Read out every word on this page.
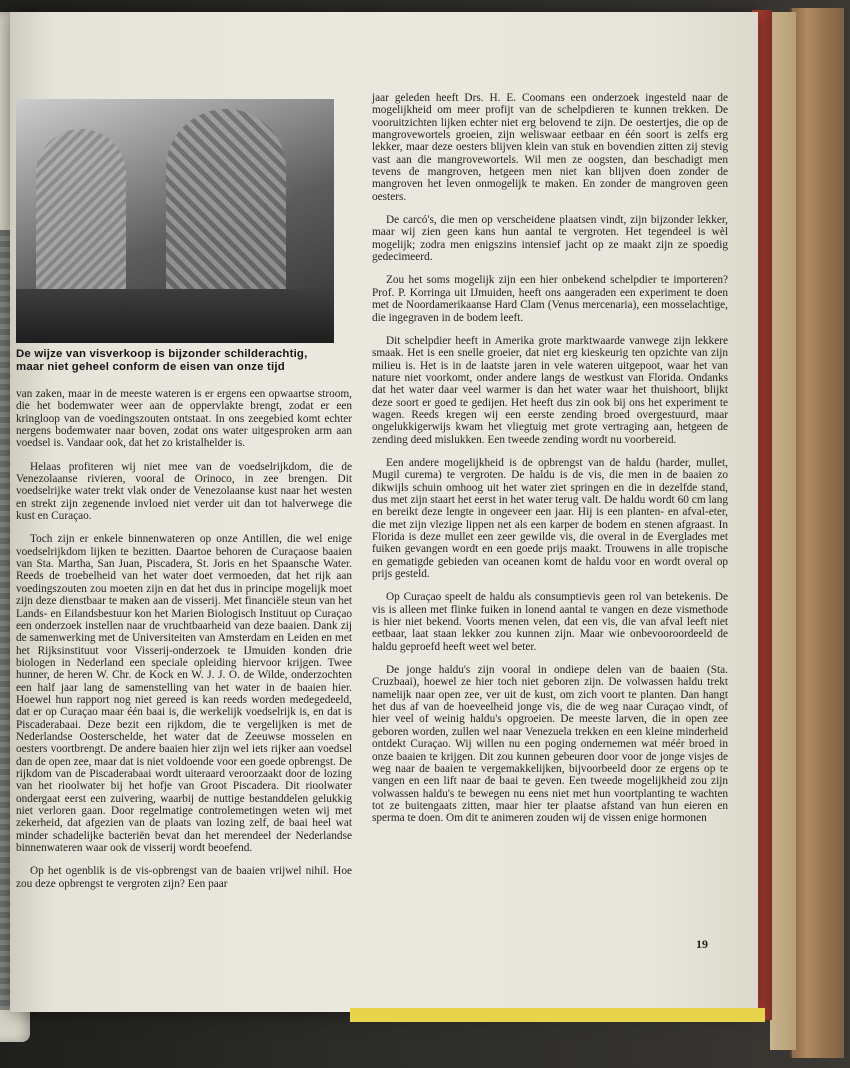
De wijze van visverkoop is bijzonder schilderachtig, maar niet geheel conform de eisen van onze tijd

van zaken, maar in de meeste wateren is er ergens een opwaartse stroom, die het bodemwater weer aan de oppervlakte brengt, zodat er een kringloop van de voedingszouten ontstaat. In ons zeegebied komt echter nergens bodemwater naar boven, zodat ons water uitgesproken arm aan voedsel is. Vandaar ook, dat het zo kristalhelder is.

Helaas profiteren wij niet mee van de voedselrijkdom, die de Venezolaanse rivieren, vooral de Orinoco, in zee brengen. Dit voedselrijke water trekt vlak onder de Venezolaanse kust naar het westen en strekt zijn zegenende invloed niet verder uit dan tot halverwege die kust en Curaçao.

Toch zijn er enkele binnenwateren op onze Antillen, die wel enige voedselrijkdom lijken te bezitten. Daartoe behoren de Curaçaose baaien van Sta. Martha, San Juan, Piscadera, St. Joris en het Spaansche Water. Reeds de troebelheid van het water doet vermoeden, dat het rijk aan voedingszouten zou moeten zijn en dat het dus in principe mogelijk moet zijn deze dienstbaar te maken aan de visserij. Met financiële steun van het Lands- en Eilandsbestuur kon het Marien Biologisch Instituut op Curaçao een onderzoek instellen naar de vruchtbaarheid van deze baaien. Dank zij de samenwerking met de Universiteiten van Amsterdam en Leiden en met het Rijksinstituut voor Visserij-onderzoek te IJmuiden konden drie biologen in Nederland een speciale opleiding hiervoor krijgen. Twee hunner, de heren W. Chr. de Kock en W. J. J. O. de Wilde, onderzochten een half jaar lang de samenstelling van het water in de baaien hier. Hoewel hun rapport nog niet gereed is kan reeds worden medegedeeld, dat er op Curaçao maar één baai is, die werkelijk voedselrijk is, en dat is Piscaderabaai. Deze bezit een rijkdom, die te vergelijken is met de Nederlandse Oosterschelde, het water dat de Zeeuwse mosselen en oesters voortbrengt. De andere baaien hier zijn wel iets rijker aan voedsel dan de open zee, maar dat is niet voldoende voor een goede opbrengst. De rijkdom van de Piscaderabaai wordt uiteraard veroorzaakt door de lozing van het rioolwater bij het hofje van Groot Piscadera. Dit rioolwater ondergaat eerst een zuivering, waarbij de nuttige bestanddelen gelukkig niet verloren gaan. Door regelmatige controlemetingen weten wij met zekerheid, dat afgezien van de plaats van lozing zelf, de baai heel wat minder schadelijke bacteriën bevat dan het merendeel der Nederlandse binnenwateren waar ook de visserij wordt beoefend.

Op het ogenblik is de vis-opbrengst van de baaien vrijwel nihil. Hoe zou deze opbrengst te vergroten zijn? Een paar

jaar geleden heeft Drs. H. E. Coomans een onderzoek ingesteld naar de mogelijkheid om meer profijt van de schelpdieren te kunnen trekken. De vooruitzichten lijken echter niet erg belovend te zijn. De oestertjes, die op de mangrovewortels groeien, zijn weliswaar eetbaar en één soort is zelfs erg lekker, maar deze oesters blijven klein van stuk en bovendien zitten zij stevig vast aan die mangrovewortels. Wil men ze oogsten, dan beschadigt men tevens de mangroven, hetgeen men niet kan blijven doen zonder de mangroven het leven onmogelijk te maken. En zonder de mangroven geen oesters.

De carcó's, die men op verscheidene plaatsen vindt, zijn bijzonder lekker, maar wij zien geen kans hun aantal te vergroten. Het tegendeel is wèl mogelijk; zodra men enigszins intensief jacht op ze maakt zijn ze spoedig gedecimeerd.

Zou het soms mogelijk zijn een hier onbekend schelpdier te importeren? Prof. P. Korringa uit IJmuiden, heeft ons aangeraden een experiment te doen met de Noordamerikaanse Hard Clam (Venus mercenaria), een mosselachtige, die ingegraven in de bodem leeft.

Dit schelpdier heeft in Amerika grote marktwaarde vanwege zijn lekkere smaak. Het is een snelle groeier, dat niet erg kieskeurig ten opzichte van zijn milieu is. Het is in de laatste jaren in vele wateren uitgepoot, waar het van nature niet voorkomt, onder andere langs de westkust van Florida. Ondanks dat het water daar veel warmer is dan het water waar het thuishoort, blijkt deze soort er goed te gedijen. Het heeft dus zin ook bij ons het experiment te wagen. Reeds kregen wij een eerste zending broed overgestuurd, maar ongelukkigerwijs kwam het vliegtuig met grote vertraging aan, hetgeen de zending deed mislukken. Een tweede zending wordt nu voorbereid.

Een andere mogelijkheid is de opbrengst van de haldu (harder, mullet, Mugil curema) te vergroten. De haldu is de vis, die men in de baaien zo dikwijls schuin omhoog uit het water ziet springen en die in dezelfde stand, dus met zijn staart het eerst in het water terug valt. De haldu wordt 60 cm lang en bereikt deze lengte in ongeveer een jaar. Hij is een planten- en afval-eter, die met zijn vlezige lippen net als een karper de bodem en stenen afgraast. In Florida is deze mullet een zeer gewilde vis, die overal in de Everglades met fuiken gevangen wordt en een goede prijs maakt. Trouwens in alle tropische en gematigde gebieden van oceanen komt de haldu voor en wordt overal op prijs gesteld.

Op Curaçao speelt de haldu als consumptievis geen rol van betekenis. De vis is alleen met flinke fuiken in lonend aantal te vangen en deze vismethode is hier niet bekend. Voorts menen velen, dat een vis, die van afval leeft niet eetbaar, laat staan lekker zou kunnen zijn. Maar wie onbevooroordeeld de haldu geproefd heeft weet wel beter.

De jonge haldu's zijn vooral in ondiepe delen van de baaien (Sta. Cruzbaai), hoewel ze hier toch niet geboren zijn. De volwassen haldu trekt namelijk naar open zee, ver uit de kust, om zich voort te planten. Dan hangt het dus af van de hoeveelheid jonge vis, die de weg naar Curaçao vindt, of hier veel of weinig haldu's opgroeien. De meeste larven, die in open zee geboren worden, zullen wel naar Venezuela trekken en een kleine minderheid ontdekt Curaçao. Wij willen nu een poging ondernemen wat méér broed in onze baaien te krijgen. Dit zou kunnen gebeuren door voor de jonge visjes de weg naar de baaien te vergemakkelijken, bijvoorbeeld door ze ergens op te vangen en een lift naar de baai te geven. Een tweede mogelijkheid zou zijn volwassen haldu's te bewegen nu eens niet met hun voortplanting te wachten tot ze buitengaats zitten, maar hier ter plaatse afstand van hun eieren en sperma te doen. Om dit te animeren zouden wij de vissen enige hormonen

19
